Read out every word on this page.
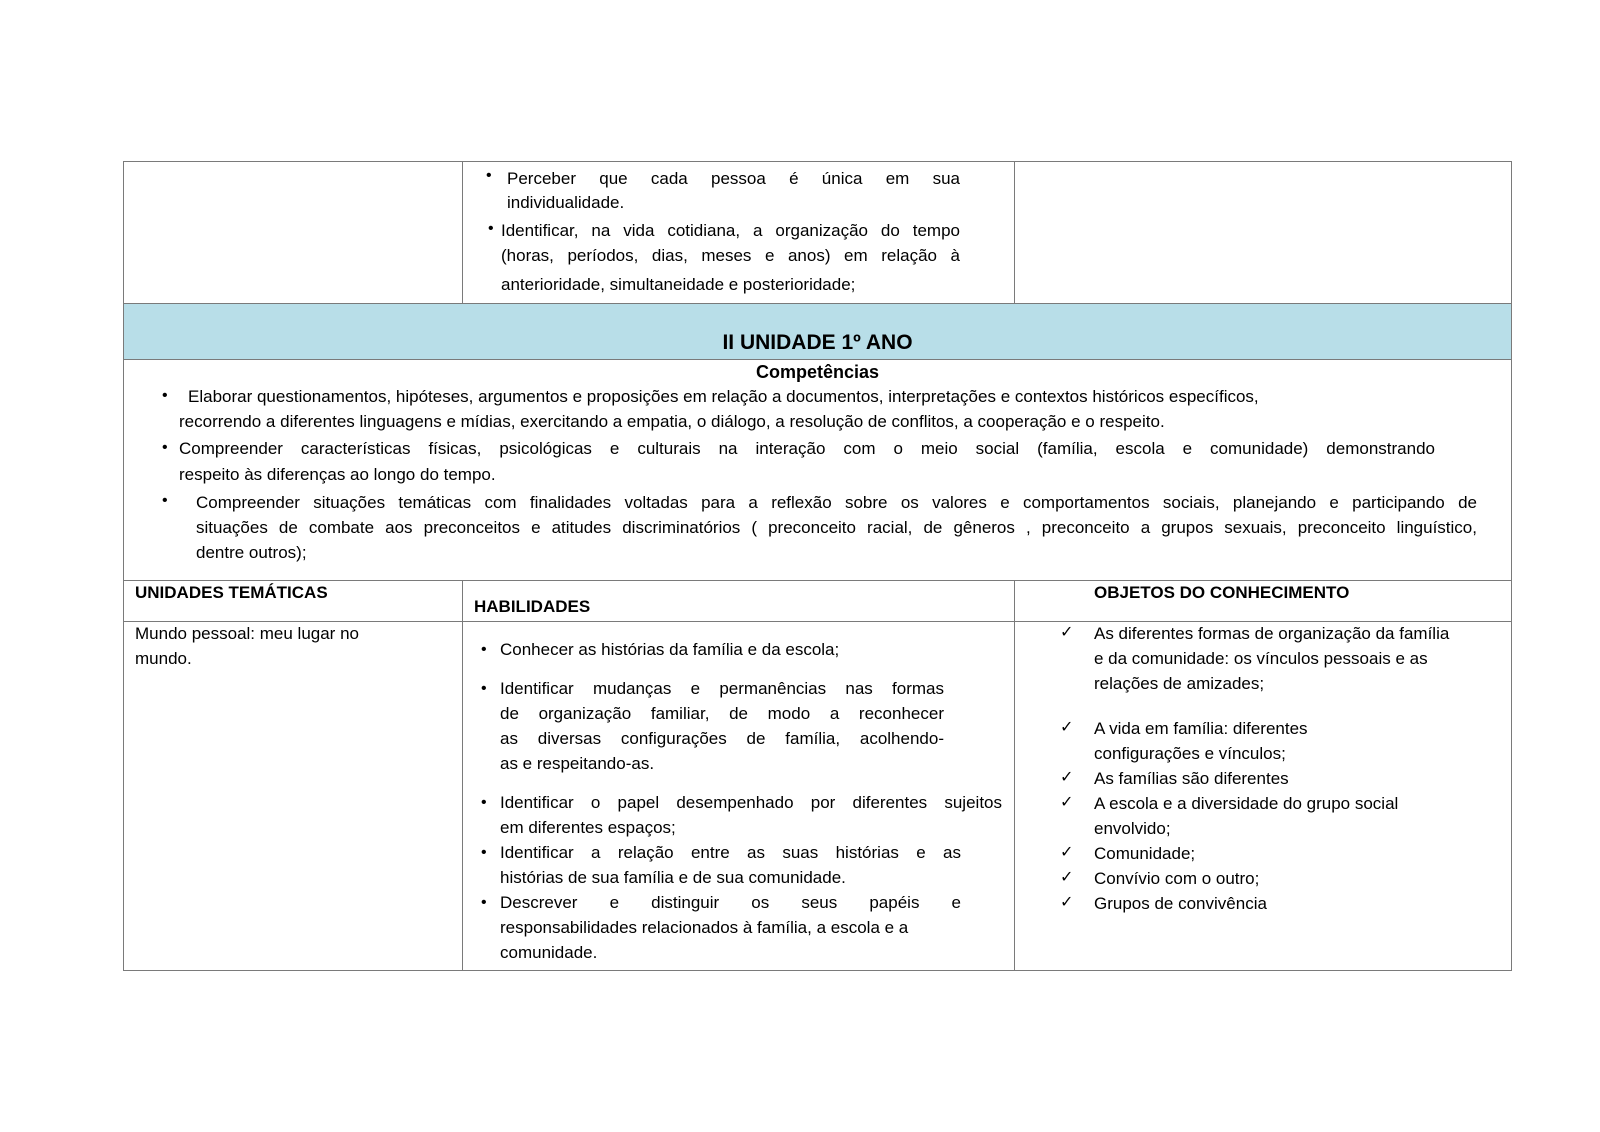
• Perceber que cada pessoa é única em sua
individualidade.
• Identificar, na vida cotidiana, a organização do tempo
(horas, períodos, dias, meses e anos) em relação à
anterioridade, simultaneidade e posterioridade;
II UNIDADE 1º ANO
Competências
• Elaborar questionamentos, hipóteses, argumentos e proposições em relação a documentos, interpretações e contextos históricos específicos,
recorrendo a diferentes linguagens e mídias, exercitando a empatia, o diálogo, a resolução de conflitos, a cooperação e o respeito.
• Compreender características físicas, psicológicas e culturais na interação com o meio social (família, escola e comunidade) demonstrando
respeito às diferenças ao longo do tempo.
• Compreender situações temáticas com finalidades voltadas para a reflexão sobre os valores e comportamentos sociais, planejando e participando de
situações de combate aos preconceitos e atitudes discriminatórios ( preconceito racial, de gêneros , preconceito a grupos sexuais, preconceito linguístico,
dentre outros);
UNIDADES TEMÁTICAS
HABILIDADES
OBJETOS DO CONHECIMENTO
Mundo pessoal: meu lugar no
mundo.	• Conhecer as histórias da família e da escola;
• Identificar mudanças e permanências nas formas
de organização familiar, de modo a reconhecer
as diversas configurações de família, acolhendo-
as e respeitando-as.
• Identificar o papel desempenhado por diferentes sujeitos
em diferentes espaços;
• Identificar a relação entre as suas histórias e as
histórias de sua família e de sua comunidade.
• Descrever e distinguir os seus papéis e
responsabilidades relacionados à família, a escola e a
comunidade.
✓ As diferentes formas de organização da família
e da comunidade: os vínculos pessoais e as
relações de amizades;
✓ A vida em família: diferentes
configurações e vínculos;
✓ As famílias são diferentes
✓ A escola e a diversidade do grupo social
envolvido;
✓ Comunidade;
✓ Convívio com o outro;
✓ Grupos de convivência
